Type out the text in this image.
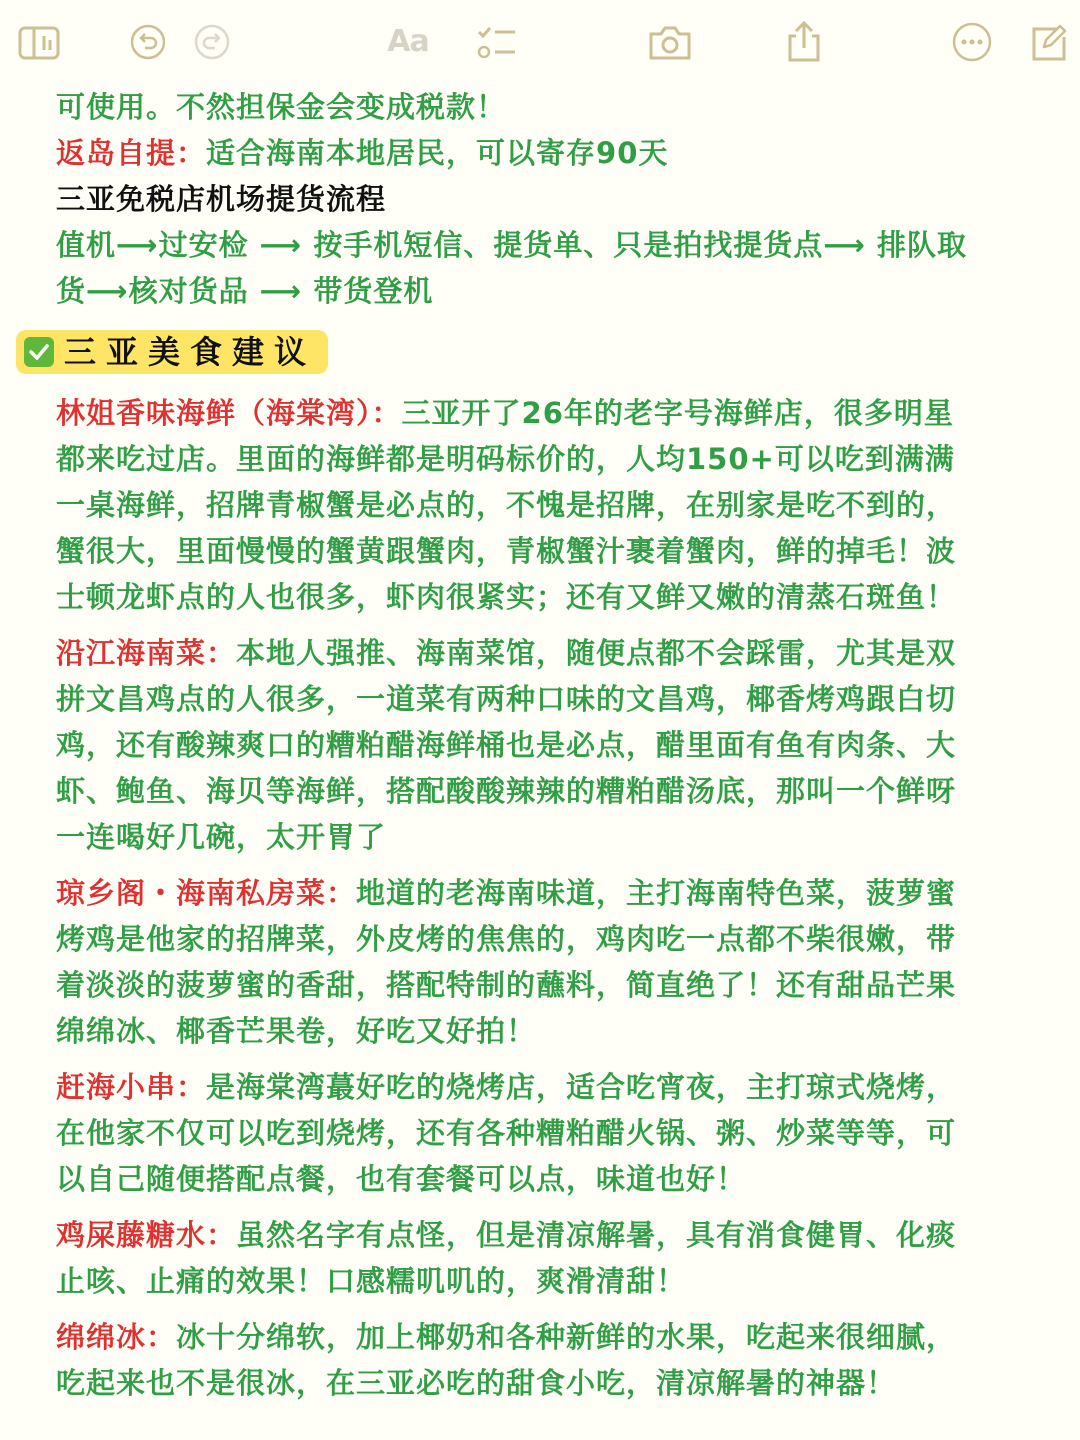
Aa
可使用。不然担保金会变成税款！
返岛自提：适合海南本地居民，可以寄存90天
三亚免税店机场提货流程
值机⟶过安检 ⟶ 按手机短信、提货单、只是拍找提货点⟶ 排队取
货⟶核对货品 ⟶ 带货登机
三亚美食建议
林姐香味海鲜（海棠湾）：三亚开了26年的老字号海鲜店，很多明星
都来吃过店。里面的海鲜都是明码标价的，人均150+可以吃到满满
一桌海鲜，招牌青椒蟹是必点的，不愧是招牌，在别家是吃不到的，
蟹很大，里面慢慢的蟹黄跟蟹肉，青椒蟹汁裹着蟹肉，鲜的掉毛！波
士顿龙虾点的人也很多，虾肉很紧实；还有又鲜又嫩的清蒸石斑鱼！
沿江海南菜：本地人强推、海南菜馆，随便点都不会踩雷，尤其是双
拼文昌鸡点的人很多，一道菜有两种口味的文昌鸡，椰香烤鸡跟白切
鸡，还有酸辣爽口的糟粕醋海鲜桶也是必点，醋里面有鱼有肉条、大
虾、鲍鱼、海贝等海鲜，搭配酸酸辣辣的糟粕醋汤底，那叫一个鲜呀
一连喝好几碗，太开胃了
琼乡阁・海南私房菜：地道的老海南味道，主打海南特色菜，菠萝蜜
烤鸡是他家的招牌菜，外皮烤的焦焦的，鸡肉吃一点都不柴很嫩，带
着淡淡的菠萝蜜的香甜，搭配特制的蘸料，简直绝了！还有甜品芒果
绵绵冰、椰香芒果卷，好吃又好拍！
赶海小串：是海棠湾蕞好吃的烧烤店，适合吃宵夜，主打琼式烧烤，
在他家不仅可以吃到烧烤，还有各种糟粕醋火锅、粥、炒菜等等，可
以自己随便搭配点餐，也有套餐可以点，味道也好！
鸡屎藤糖水：虽然名字有点怪，但是清凉解暑，具有消食健胃、化痰
止咳、止痛的效果！口感糯叽叽的，爽滑清甜！
绵绵冰：冰十分绵软，加上椰奶和各种新鲜的水果，吃起来很细腻，
吃起来也不是很冰，在三亚必吃的甜食小吃，清凉解暑的神器！
